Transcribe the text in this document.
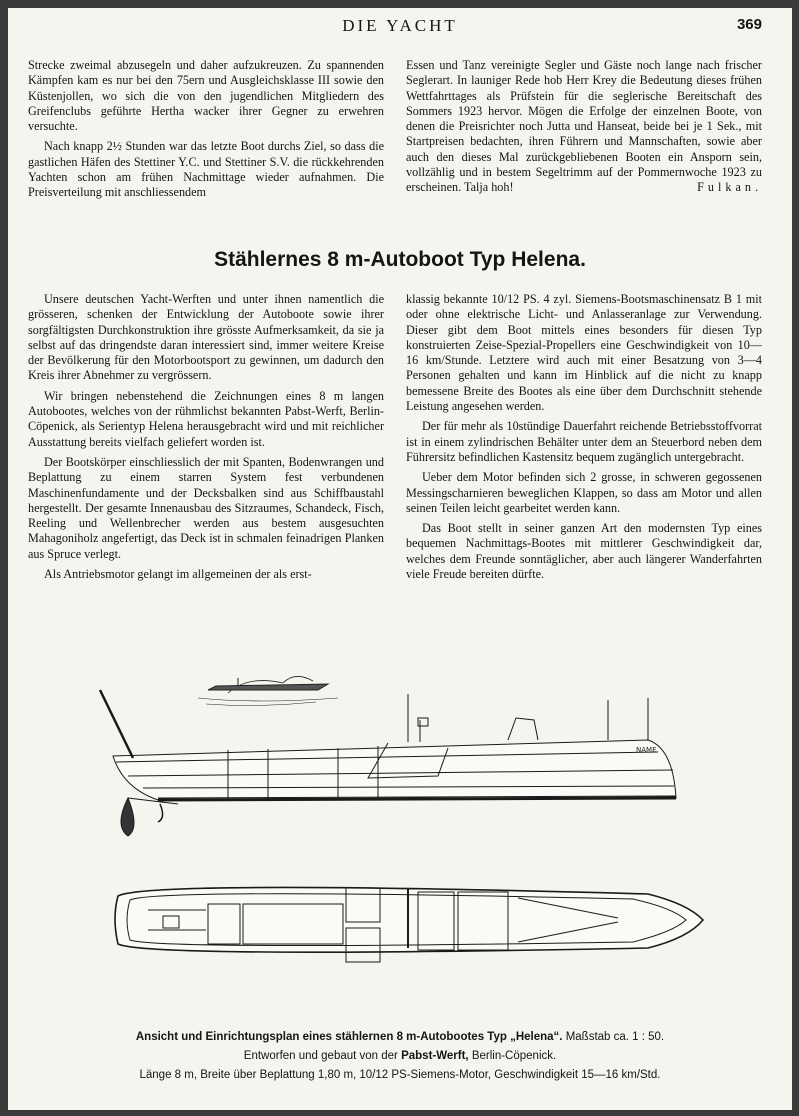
DIE YACHT	369

Strecke zweimal abzusegeln und daher aufzukreuzen. Zu spannenden Kämpfen kam es nur bei den 75ern und Ausgleichsklasse III sowie den Küstenjollen, wo sich die von den jugendlichen Mitgliedern des Greifenclubs geführte Hertha wacker ihrer Gegner zu erwehren versuchte.

Nach knapp 2½ Stunden war das letzte Boot durchs Ziel, so dass die gastlichen Häfen des Stettiner Y.C. und Stettiner S.V. die rückkehrenden Yachten schon am frühen Nachmittage wieder aufnahmen. Die Preisverteilung mit anschliessendem

Essen und Tanz vereinigte Segler und Gäste noch lange nach frischer Seglerart. In launiger Rede hob Herr Krey die Bedeutung dieses frühen Wettfahrttages als Prüfstein für die seglerische Bereitschaft des Sommers 1923 hervor. Mögen die Erfolge der einzelnen Boote, von denen die Preisrichter noch Jutta und Hanseat, beide bei je 1 Sek., mit Startpreisen bedachten, ihren Führern und Mannschaften, sowie aber auch den dieses Mal zurückgebliebenen Booten ein Ansporn sein, vollzählig und in bestem Segeltrimm auf der Pommernwoche 1923 zu erscheinen. Talja hoh!	Fulkan.

Stählernes 8 m-Autoboot Typ Helena.

Unsere deutschen Yacht-Werften und unter ihnen namentlich die grösseren, schenken der Entwicklung der Autoboote sowie ihrer sorgfältigsten Durchkonstruktion ihre grösste Aufmerksamkeit, da sie ja selbst auf das dringendste daran interessiert sind, immer weitere Kreise der Bevölkerung für den Motorbootsport zu gewinnen, um dadurch den Kreis ihrer Abnehmer zu vergrössern.

Wir bringen nebenstehend die Zeichnungen eines 8 m langen Autobootes, welches von der rühmlichst bekannten Pabst-Werft, Berlin-Cöpenick, als Serientyp Helena herausgebracht wird und mit reichlicher Ausstattung bereits vielfach geliefert worden ist.

Der Bootskörper einschliesslich der mit Spanten, Bodenwrangen und Beplattung zu einem starren System fest verbundenen Maschinenfundamente und der Decksbalken sind aus Schiffbaustahl hergestellt. Der gesamte Innenausbau des Sitzraumes, Schandeck, Fisch, Reeling und Wellenbrecher werden aus bestem ausgesuchten Mahagoniholz angefertigt, das Deck ist in schmalen feinadrigen Planken aus Spruce verlegt.

Als Antriebsmotor gelangt im allgemeinen der als erst-

klassig bekannte 10/12 PS. 4 zyl. Siemens-Bootsmaschinensatz B 1 mit oder ohne elektrische Licht- und Anlasseranlage zur Verwendung. Dieser gibt dem Boot mittels eines besonders für diesen Typ konstruierten Zeise-Spezial-Propellers eine Geschwindigkeit von 10—16 km/Stunde. Letztere wird auch mit einer Besatzung von 3—4 Personen gehalten und kann im Hinblick auf die nicht zu knapp bemessene Breite des Bootes als eine über dem Durchschnitt stehende Leistung angesehen werden.

Der für mehr als 10stündige Dauerfahrt reichende Betriebsstoffvorrat ist in einem zylindrischen Behälter unter dem an Steuerbord neben dem Führersitz befindlichen Kastensitz bequem zugänglich untergebracht.

Ueber dem Motor befinden sich 2 grosse, in schweren gegossenen Messingscharnieren beweglichen Klappen, so dass am Motor und allen seinen Teilen leicht gearbeitet werden kann.

Das Boot stellt in seiner ganzen Art den modernsten Typ eines bequemen Nachmittags-Bootes mit mittlerer Geschwindigkeit dar, welches dem Freunde sonntäglicher, aber auch längerer Wanderfahrten viele Freude bereiten dürfte.

NAME
Ansicht und Einrichtungsplan eines stählernen 8 m-Autobootes Typ „Helena“. Maßstab ca. 1 : 50.
Entworfen und gebaut von der Pabst-Werft, Berlin-Cöpenick.
Länge 8 m, Breite über Beplattung 1,80 m, 10/12 PS-Siemens-Motor, Geschwindigkeit 15—16 km/Std.
